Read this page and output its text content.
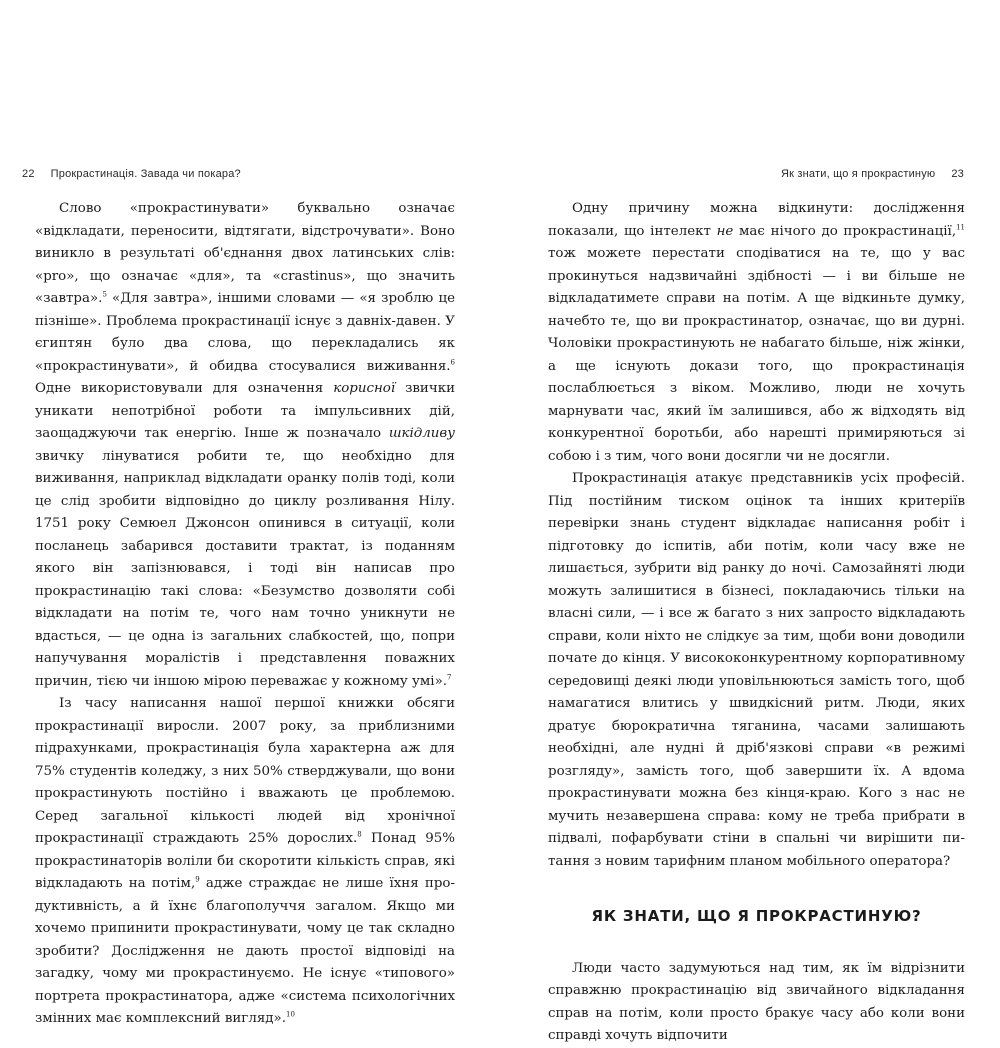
22 Прокрастинація. Завада чи покара?	Як знати, що я прокрастиную 23

Слово «прокрастинувати» буквально означає «відкладати, переносити, відтягати, відстрочувати». Воно виникло в результаті об'єднання двох латинських слів: «pro», що означає «для», та «crastinus», що значить «завтра».$^5$ «Для завтра», іншими словами — «я зроблю це пізніше». Проблема прокрастинації існує з давніх-давен. У єгиптян було два слова, що перекладались як «прокрастинувати», й обидва стосувалися виживання.$^6$ Одне використовували для означення корисної звички уникати непотрібної роботи та імпульсивних дій, заощаджуючи так енергію. Інше ж позначало шкідливу звичку лінуватися робити те, що необхідно для виживання, наприклад відкладати оранку полів тоді, коли це слід зробити відповідно до циклу розливання Нілу. 1751 року Семюел Джонсон опинився в ситуації, коли посланець забарився доставити трактат, із поданням якого він запізнювався, і тоді він написав про прокрастинацію такі слова: «Безумство дозволяти собі відкладати на потім те, чого нам точно уникнути не вдасться, — це одна із загальних слабкостей, що, попри напучування моралістів і представлення поважних причин, тією чи іншою мірою переважає у кожному умі».$^7$

Із часу написання нашої першої книжки обсяги прокрастинації виросли. 2007 року, за приблизними підрахунками, прокрастинація була характерна аж для 75% студентів коледжу, з них 50% стверджували, що вони прокрастинують постійно і вважають це проблемою. Серед загальної кількості людей від хронічної прокрастинації страждають 25% дорослих.$^8$ Понад 95% прокрастинаторів воліли би скоротити кількість справ, які відкладають на потім,$^9$ адже страждає не лише їхня продуктивність, а й їхнє благополуччя загалом. Якщо ми хочемо припинити прокрастинувати, чому це так складно зробити? Дослідження не дають простої відповіді на загадку, чому ми прокрастинуємо. Не існує «типового» портрета прокрастинатора, адже «система психологічних змінних має комплексний вигляд».$^{10}$

Одну причину можна відкинути: дослідження показали, що інтелект не має нічого до прокрастинації,$^{11}$ тож можете перестати сподіватися на те, що у вас прокинуться надзвичайні здібності — і ви більше не відкладатимете справи на потім. А ще відкиньте думку, начебто те, що ви прокрастинатор, означає, що ви дурні. Чоловіки прокрастинують не набагато більше, ніж жінки, а ще існують докази того, що прокрастинація послаблюється з віком. Можливо, люди не хочуть марнувати час, який їм залишився, або ж відходять від конкурентної боротьби, або нарешті примиряються зі собою і з тим, чого вони досягли чи не досягли.

Прокрастинація атакує представників усіх професій. Під постійним тиском оцінок та інших критеріїв перевірки знань студент відкладає написання робіт і підготовку до іспитів, аби потім, коли часу вже не лишається, зубрити від ранку до ночі. Самозайняті люди можуть залишитися в бізнесі, покладаючись тільки на власні сили, — і все ж багато з них запросто відкладають справи, коли ніхто не слідкує за тим, щоби вони доводили почате до кінця. У висококонкурентному корпоративному середовищі деякі люди уповільнюються замість того, щоб намагатися влитись у швидкісний ритм. Люди, яких дратує бюрократична тяганина, часами залишають необхідні, але нудні й дріб'язкові справи «в режимі розгляду», замість того, щоб завершити їх. А вдома прокрастинувати можна без кінця-краю. Кого з нас не мучить незавершена справа: кому не треба прибрати в підвалі, пофарбувати стіни в спальні чи вирішити питання з новим тарифним планом мобільного оператора?

ЯК ЗНАТИ, ЩО Я ПРОКРАСТИНУЮ?

Люди часто задумуються над тим, як їм відрізнити справжню прокрастинацію від звичайного відкладання справ на потім, коли просто бракує часу або коли вони справді хочуть відпочити
